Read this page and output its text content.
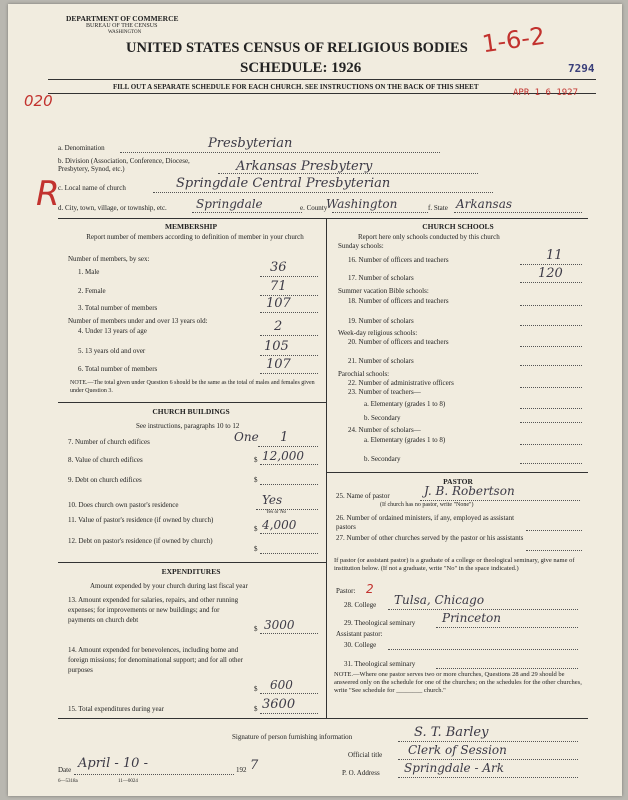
DEPARTMENT OF COMMERCE
BUREAU OF THE CENSUS
WASHINGTON
UNITED STATES CENSUS OF RELIGIOUS BODIES
SCHEDULE: 1926
FILL OUT A SEPARATE SCHEDULE FOR EACH CHURCH. SEE INSTRUCTIONS ON THE BACK OF THIS SHEET
1-6-2
7294
APR 1 6 1927
020
a. Denomination	Presbyterian
b. Division (Association, Conference, Diocese, Presbytery, Synod, etc.)	Arkansas Presbytery
c. Local name of church	Springdale Central Presbyterian
R
d. City, town, village, or township, etc. Springdale	e. County
Washington	f. State Arkansas
MEMBERSHIP
Report number of members according to definition of member in your church
Number of members, by sex:
1. Male	36
2. Female	71
3. Total number of members	107
Number of members under and over 13 years old:
4. Under 13 years of age	2
5. 13 years old and over	105
6. Total number of members	107
NOTE.—The total given under Question 6 should be the same as the total of males and females given under Question 3.
CHURCH BUILDINGS
See instructions, paragraphs 10 to 12
7. Number of church edifices	One 1
8. Value of church edifices	$ 12,000
9. Debt on church edifices	$
10. Does church own pastor's residence	Yes
Yes or No
11. Value of pastor's residence (if owned by church)
$ 4,000
12. Debt on pastor's residence (if owned by church)
$
EXPENDITURES
Amount expended by your church during last fiscal year
13. Amount expended for salaries, repairs, and other running expenses; for improvements or new buildings; and for payments on church debt
$ 3000
14. Amount expended for benevolences, including home and foreign missions; for denominational support; and for all other purposes
$ 600
15. Total expenditures during year	$ 3600
CHURCH SCHOOLS
Report here only schools conducted by this church
Sunday schools:
16. Number of officers and teachers	11
17. Number of scholars	120
Summer vacation Bible schools:
18. Number of officers and teachers
19. Number of scholars
Week-day religious schools:
20. Number of officers and teachers
21. Number of scholars
Parochial schools:
22. Number of administrative officers
23. Number of teachers—
a. Elementary (grades 1 to 8)
b. Secondary
24. Number of scholars—
a. Elementary (grades 1 to 8)
b. Secondary
PASTOR
25. Name of pastor	J. B. Robertson
(If church has no pastor, write "None")
26. Number of ordained ministers, if any, employed as assistant pastors
27. Number of other churches served by the pastor or his assistants
If pastor (or assistant pastor) is a graduate of a college or theological seminary, give name of institution below. (If not a graduate, write "No" in the space indicated.)
Pastor: 2
28. College Tulsa, Chicago
29. Theological seminary Princeton
Assistant pastor:
30. College
31. Theological seminary
NOTE.—Where one pastor serves two or more churches, Questions 28 and 29 should be answered only on the schedule for one of the churches; on the schedules for the other churches, write "See schedule for ________ church."
Signature of person furnishing information	S. T. Barley
Official title Clerk of Session
P. O. Address Springdale - Ark
Date April - 10 -	192 7
6—5318a	11—0024
